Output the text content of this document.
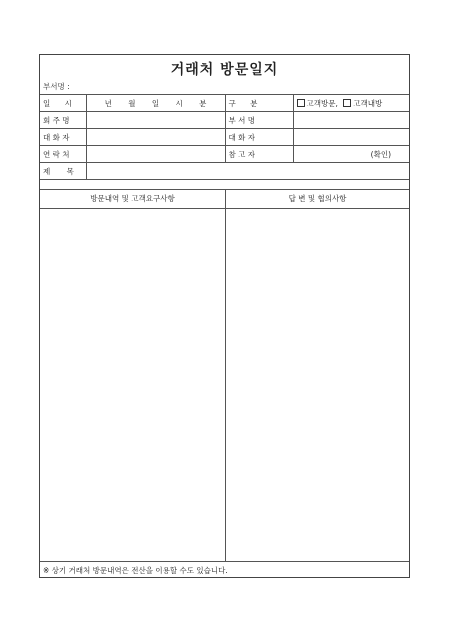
거래처 방문일지
부서명 :
일 시	년 월 일 시 분	구 분	고객방문, 고객내방
회 주 명		부 서 명	
대 화 자		대 화 자	
연 락 처		참 고 자	(확인)
제 목			
방문내역 및 고객요구사항	답 변 및 협의사항
※ 상기 거래처 방문내역은 전산을 이용할 수도 있습니다.
